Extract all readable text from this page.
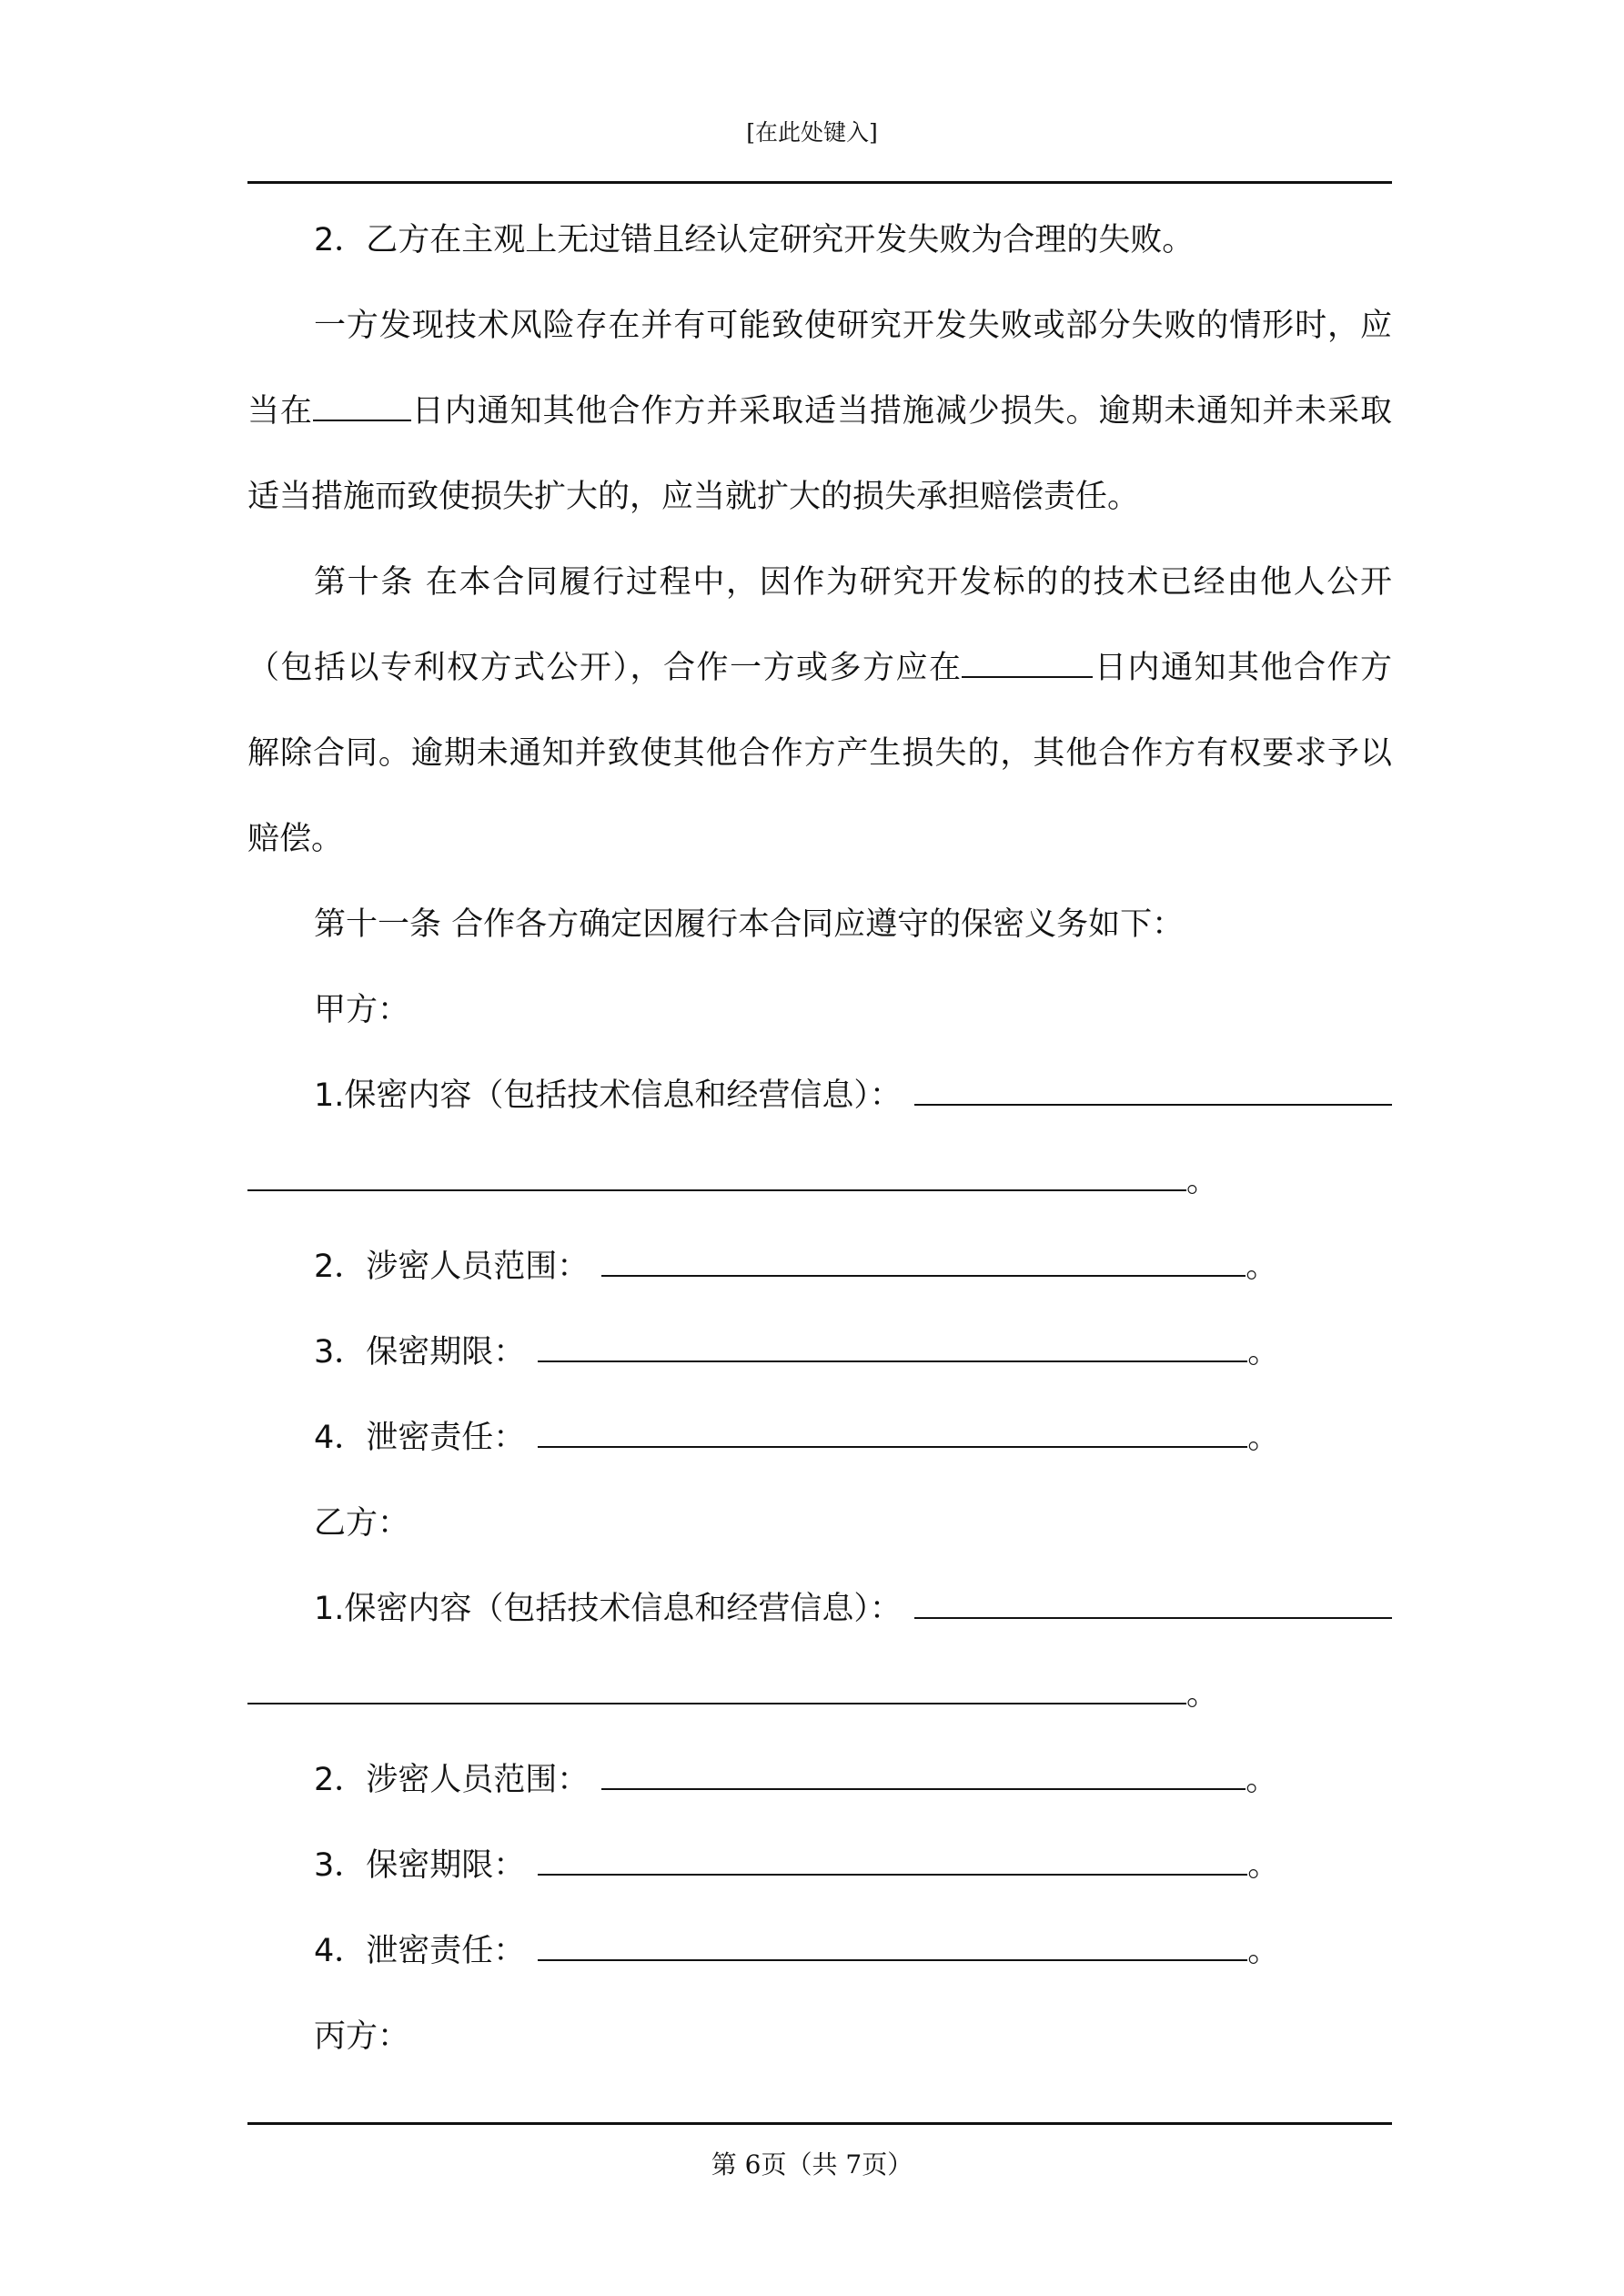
[在此处键入]
2．乙方在主观上无过错且经认定研究开发失败为合理的失败。
一方发现技术风险存在并有可能致使研究开发失败或部分失败的情形时，应
当在	日内通知其他合作方并采取适当措施减少损失。逾期未通知并未采取
适当措施而致使损失扩大的，应当就扩大的损失承担赔偿责任。
第十条 在本合同履行过程中，因作为研究开发标的的技术已经由他人公开
（包括以专利权方式公开），合作一方或多方应在	日内通知其他合作方
解除合同。逾期未通知并致使其他合作方产生损失的，其他合作方有权要求予以
赔偿。
第十一条 合作各方确定因履行本合同应遵守的保密义务如下：
甲方：
1.保密内容（包括技术信息和经营信息）：
。
2．涉密人员范围：	。
3．保密期限：	。
4．泄密责任：	。
乙方：
1.保密内容（包括技术信息和经营信息）：
。
2．涉密人员范围：	。
3．保密期限：	。
4．泄密责任：	。
丙方：
第 6页（共 7页）
